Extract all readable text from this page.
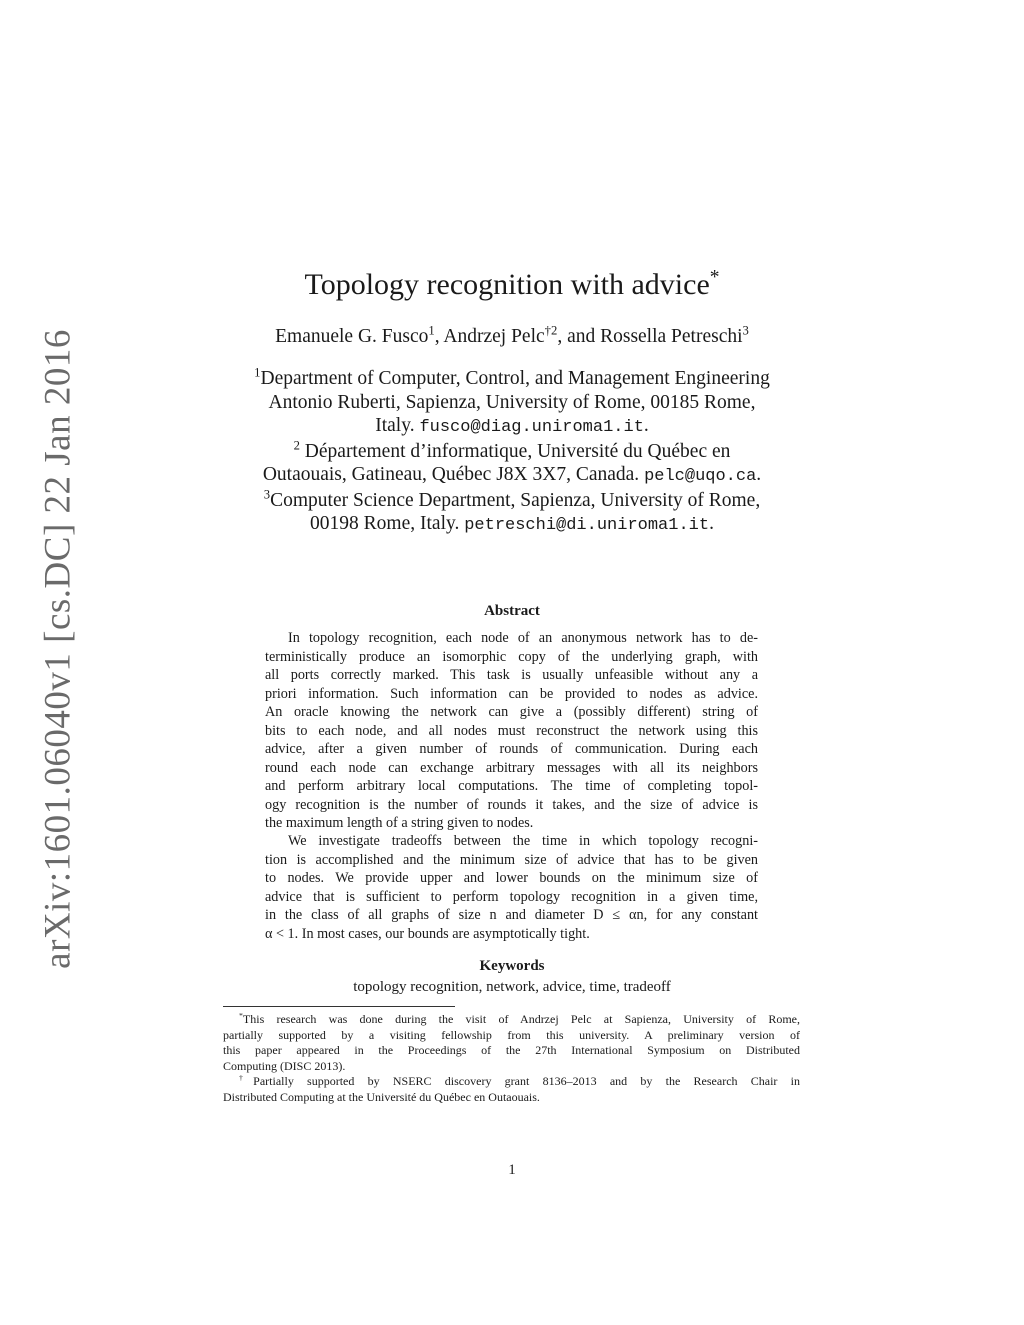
arXiv:1601.06040v1 [cs.DC] 22 Jan 2016
Topology recognition with advice*
Emanuele G. Fusco$^1$, Andrzej Pelc$^{\dagger 2}$, and Rossella Petreschi$^3$
$^1$Department of Computer, Control, and Management Engineering
Antonio Ruberti, Sapienza, University of Rome, 00185 Rome,
Italy. fusco@diag.uniroma1.it.
$^2$ Département d’informatique, Université du Québec en
Outaouais, Gatineau, Québec J8X 3X7, Canada. pelc@uqo.ca.
$^3$Computer Science Department, Sapienza, University of Rome,
00198 Rome, Italy. petreschi@di.uniroma1.it.
Abstract
In topology recognition, each node of an anonymous network has to de-
terministically produce an isomorphic copy of the underlying graph, with
all ports correctly marked. This task is usually unfeasible without any a
priori information. Such information can be provided to nodes as advice.
An oracle knowing the network can give a (possibly different) string of
bits to each node, and all nodes must reconstruct the network using this
advice, after a given number of rounds of communication. During each
round each node can exchange arbitrary messages with all its neighbors
and perform arbitrary local computations. The time of completing topol-
ogy recognition is the number of rounds it takes, and the size of advice is
the maximum length of a string given to nodes.
We investigate tradeoffs between the time in which topology recogni-
tion is accomplished and the minimum size of advice that has to be given
to nodes. We provide upper and lower bounds on the minimum size of
advice that is sufficient to perform topology recognition in a given time,
in the class of all graphs of size n and diameter D ≤ αn, for any constant
α < 1. In most cases, our bounds are asymptotically tight.
Keywords
topology recognition, network, advice, time, tradeoff
*This research was done during the visit of Andrzej Pelc at Sapienza, University of Rome,
partially supported by a visiting fellowship from this university. A preliminary version of
this paper appeared in the Proceedings of the 27th International Symposium on Distributed
Computing (DISC 2013).
†Partially supported by NSERC discovery grant 8136–2013 and by the Research Chair in
Distributed Computing at the Université du Québec en Outaouais.
1
